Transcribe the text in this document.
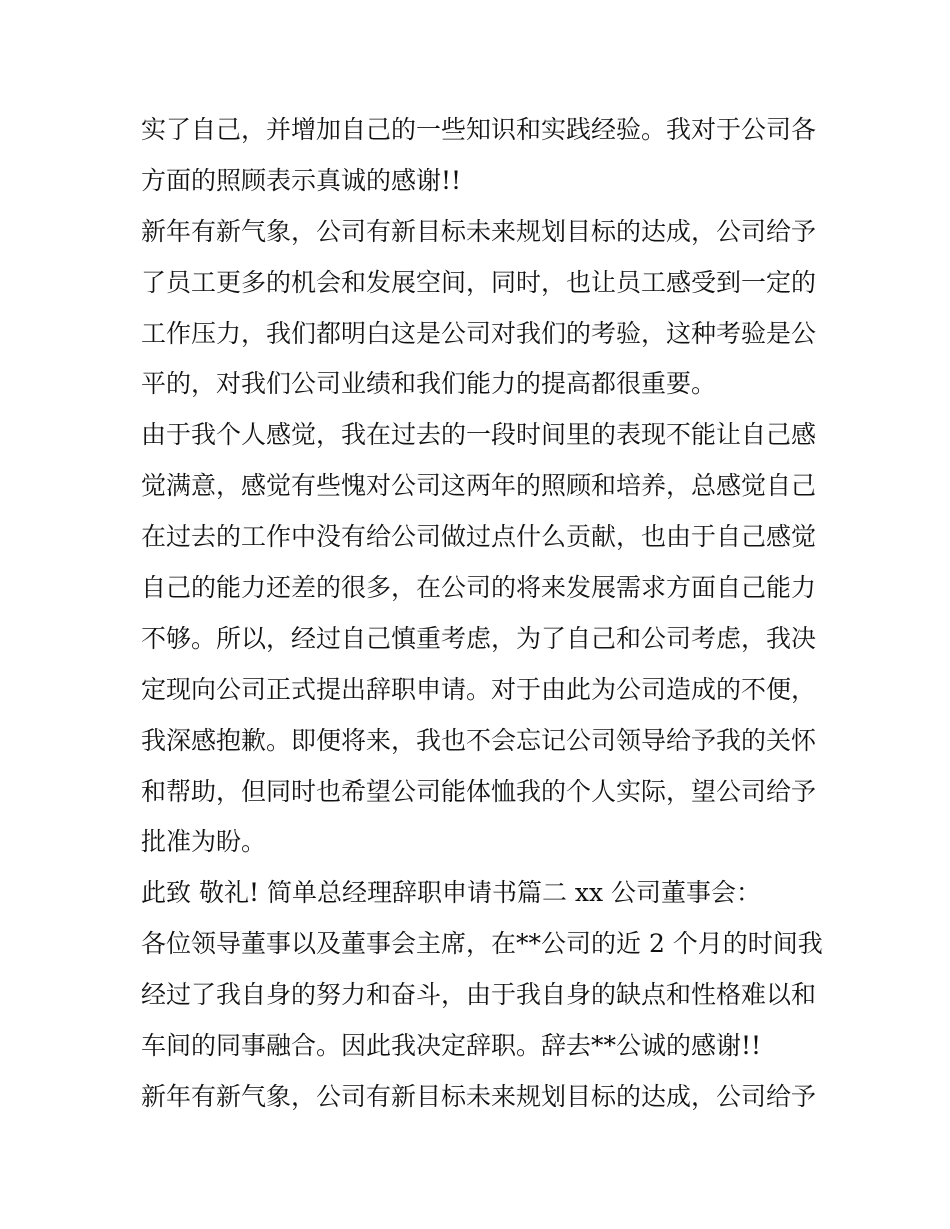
实了自己，并增加自己的一些知识和实践经验。我对于公司各
方面的照顾表示真诚的感谢!!
新年有新气象，公司有新目标未来规划目标的达成，公司给予
了员工更多的机会和发展空间，同时，也让员工感受到一定的
工作压力，我们都明白这是公司对我们的考验，这种考验是公
平的，对我们公司业绩和我们能力的提高都很重要。
由于我个人感觉，我在过去的一段时间里的表现不能让自己感
觉满意，感觉有些愧对公司这两年的照顾和培养，总感觉自己
在过去的工作中没有给公司做过点什么贡献，也由于自己感觉
自己的能力还差的很多，在公司的将来发展需求方面自己能力
不够。所以，经过自己慎重考虑，为了自己和公司考虑，我决
定现向公司正式提出辞职申请。对于由此为公司造成的不便，
我深感抱歉。即便将来，我也不会忘记公司领导给予我的关怀
和帮助，但同时也希望公司能体恤我的个人实际，望公司给予
批准为盼。
此致 敬礼! 简单总经理辞职申请书篇二 xx 公司董事会：
各位领导董事以及董事会主席，在**公司的近 2 个月的时间我
经过了我自身的努力和奋斗，由于我自身的缺点和性格难以和
车间的同事融合。因此我决定辞职。辞去**公诚的感谢!!
新年有新气象，公司有新目标未来规划目标的达成，公司给予
